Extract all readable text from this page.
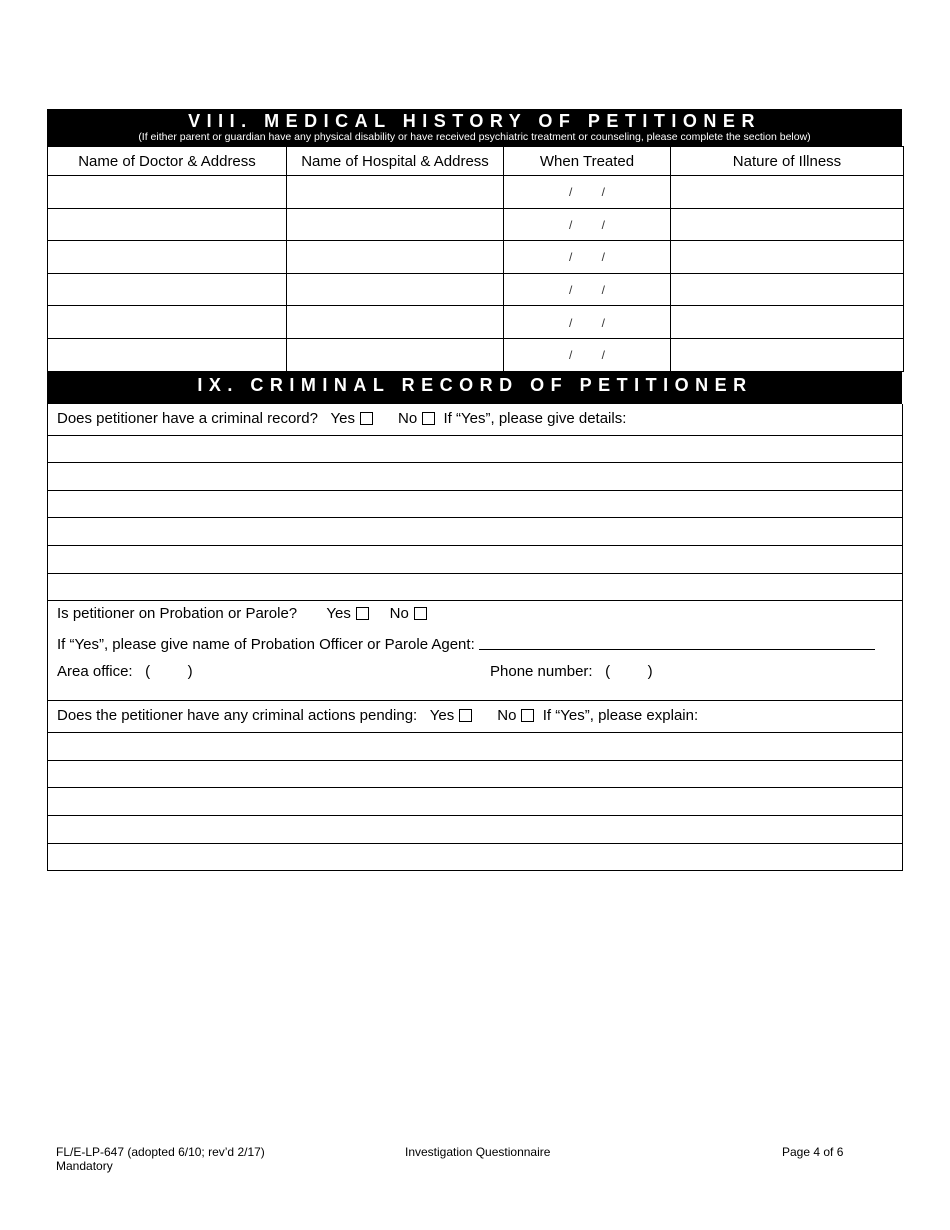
VIII. MEDICAL HISTORY OF PETITIONER
(If either parent or guardian have any physical disability or have received psychiatric treatment or counseling, please complete the section below)
Name of Doctor & Address	Name of Hospital & Address	When Treated	Nature of Illness
		/ /	
		/ /	
		/ /	
		/ /	
		/ /	
		/ /	
IX. CRIMINAL RECORD OF PETITIONER
Does petitioner have a criminal record? Yes	No If “Yes”, please give details:
Is petitioner on Probation or Parole? Yes	No
If “Yes”, please give name of Probation Officer or Parole Agent:
Area office: (         )	Phone number: (         )
Does the petitioner have any criminal actions pending: Yes	No If “Yes”, please explain:
FL/E-LP-647 (adopted 6/10; rev’d 2/17)
Mandatory
Investigation Questionnaire	Page 4 of 6
